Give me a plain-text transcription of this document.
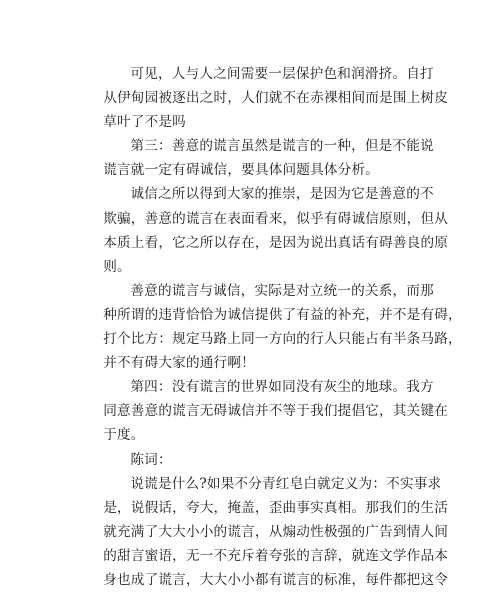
可见，人与人之间需要一层保护色和润滑挤。自打
从伊甸园被逐出之时，人们就不在赤裸相间而是围上树皮
草叶了不是吗
第三：善意的谎言虽然是谎言的一种，但是不能说
谎言就一定有碍诚信，要具体问题具体分析。
诚信之所以得到大家的推崇，是因为它是善意的不
欺骗，善意的谎言在表面看来，似乎有碍诚信原则，但从
本质上看，它之所以存在，是因为说出真话有碍善良的原
则。
善意的谎言与诚信，实际是对立统一的关系，而那
种所谓的违背恰恰为诚信提供了有益的补充，并不是有碍，
打个比方：规定马路上同一方向的行人只能占有半条马路，
并不有碍大家的通行啊！
第四：没有谎言的世界如同没有灰尘的地球。我方
同意善意的谎言无碍诚信并不等于我们提倡它，其关键在
于度。
陈词：
说谎是什么?如果不分青红皂白就定义为：不实事求
是，说假话，夸大，掩盖，歪曲事实真相。那我们的生活
就充满了大大小小的谎言，从煽动性极强的广告到情人间
的甜言蜜语，无一不充斥着夸张的言辞，就连文学作品本
身也成了谎言，大大小小都有谎言的标准，每件都把这令
